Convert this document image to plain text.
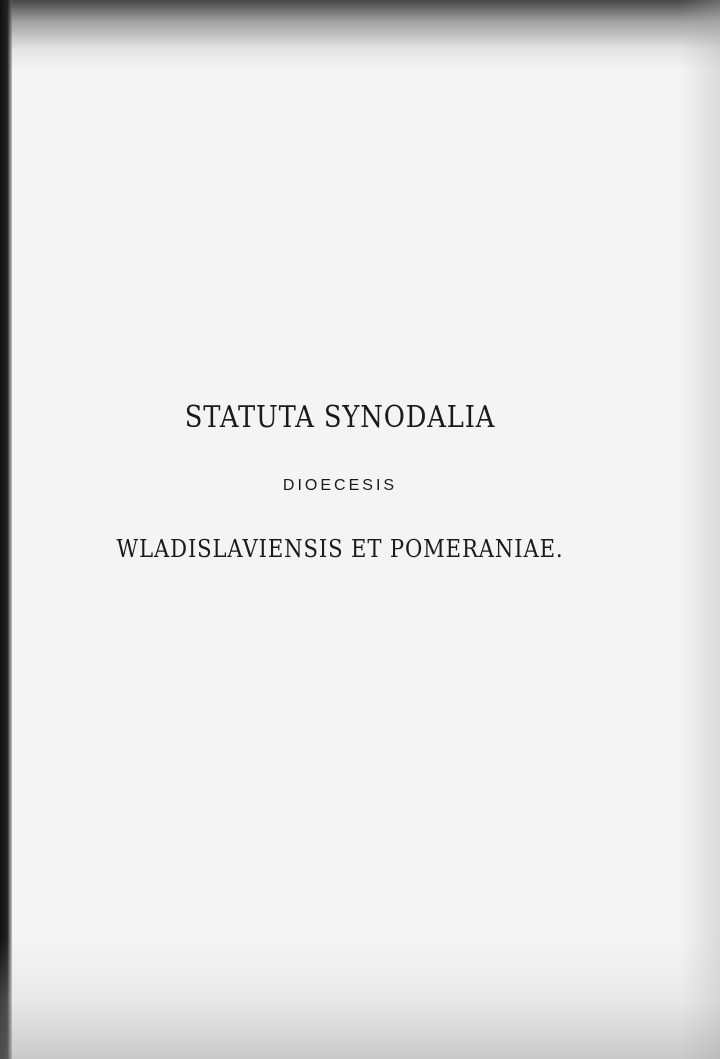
STATUTA SYNODALIA
DIOECESIS
WLADISLAVIENSIS ET POMERANIAE.
